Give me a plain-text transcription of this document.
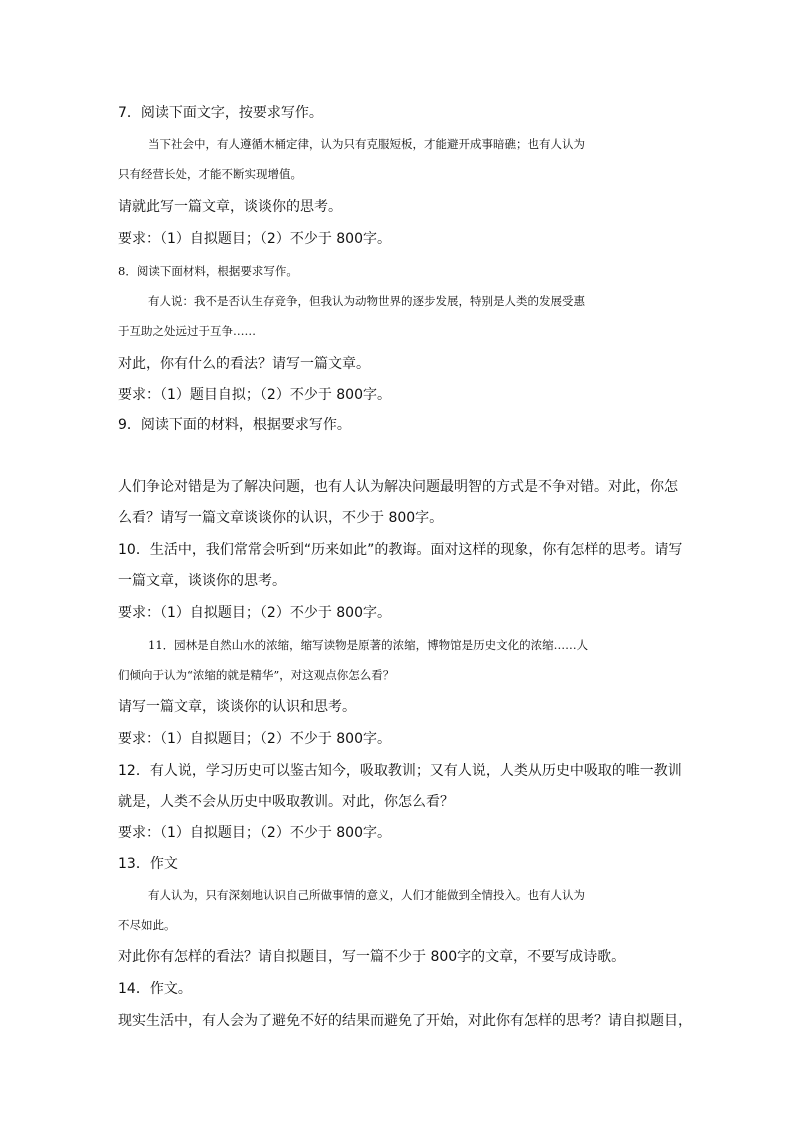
7．阅读下面文字，按要求写作。
当下社会中，有人遵循木桶定律，认为只有克服短板，才能避开成事暗礁；也有人认为
只有经营长处，才能不断实现增值。
请就此写一篇文章，谈谈你的思考。
要求：（1）自拟题目；（2）不少于 800字。
8．阅读下面材料，根据要求写作。
有人说：我不是否认生存竞争，但我认为动物世界的逐步发展，特别是人类的发展受惠
于互助之处远过于互争……
对此，你有什么的看法？请写一篇文章。
要求：（1）题目自拟；（2）不少于 800字。
9．阅读下面的材料，根据要求写作。
人们争论对错是为了解决问题，也有人认为解决问题最明智的方式是不争对错。对此，你怎
么看？请写一篇文章谈谈你的认识，不少于 800字。
10．生活中，我们常常会听到“历来如此”的教诲。面对这样的现象，你有怎样的思考。请写
一篇文章，谈谈你的思考。
要求：（1）自拟题目；（2）不少于 800字。
11．园林是自然山水的浓缩，缩写读物是原著的浓缩，博物馆是历史文化的浓缩……人
们倾向于认为“浓缩的就是精华”，对这观点你怎么看？
请写一篇文章，谈谈你的认识和思考。
要求：（1）自拟题目；（2）不少于 800字。
12．有人说，学习历史可以鉴古知今，吸取教训；又有人说，人类从历史中吸取的唯一教训
就是，人类不会从历史中吸取教训。对此，你怎么看？
要求：（1）自拟题目；（2）不少于 800字。
13．作文
有人认为，只有深刻地认识自己所做事情的意义，人们才能做到全情投入。也有人认为
不尽如此。
对此你有怎样的看法？请自拟题目，写一篇不少于 800字的文章，不要写成诗歌。
14．作文。
现实生活中，有人会为了避免不好的结果而避免了开始，对此你有怎样的思考？请自拟题目，
